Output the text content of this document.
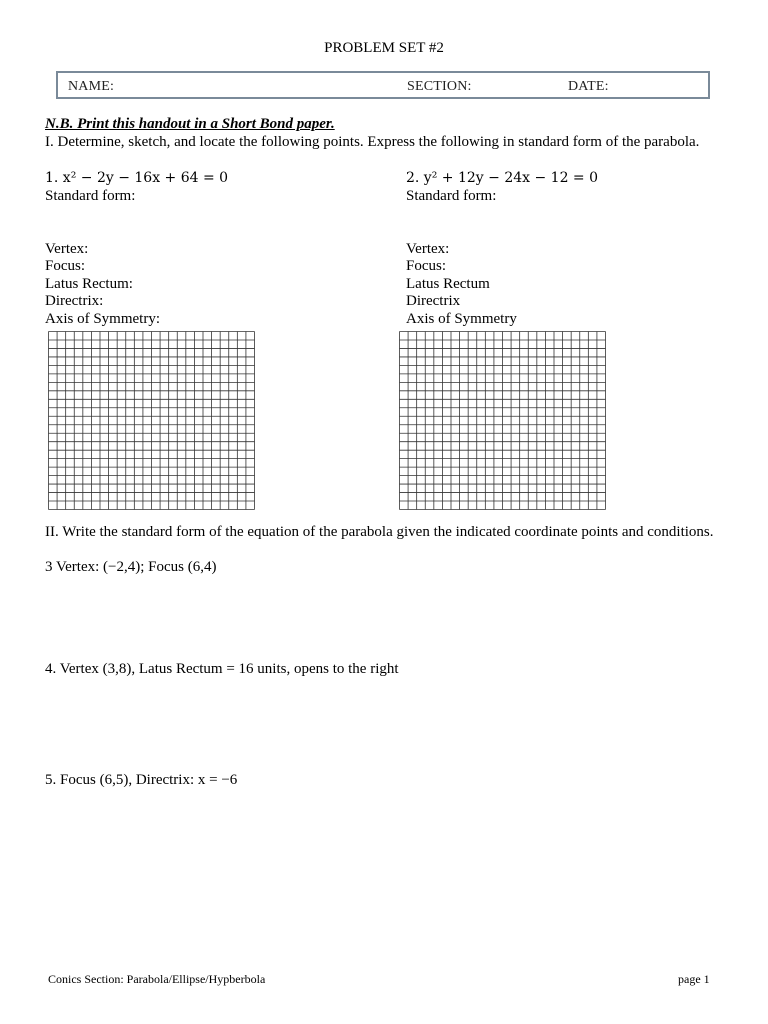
PROBLEM SET #2
NAME:	SECTION:	DATE:
N.B. Print this handout in a Short Bond paper.
I. Determine, sketch, and locate the following points. Express the following in standard form of the parabola.
1. x² − 2y − 16x + 64 = 0
Standard form:
Vertex:
Focus:
Latus Rectum:
Directrix:
Axis of Symmetry:
2. y² + 12y − 24x − 12 = 0
Standard form:
Vertex:
Focus:
Latus Rectum
Directrix
Axis of Symmetry
II. Write the standard form of the equation of the parabola given the indicated coordinate points and conditions.
3 Vertex: (−2,4); Focus (6,4)
4. Vertex (3,8), Latus Rectum = 16 units, opens to the right
5. Focus (6,5), Directrix: x = −6
Conics Section: Parabola/Ellipse/Hypberbola	page 1
